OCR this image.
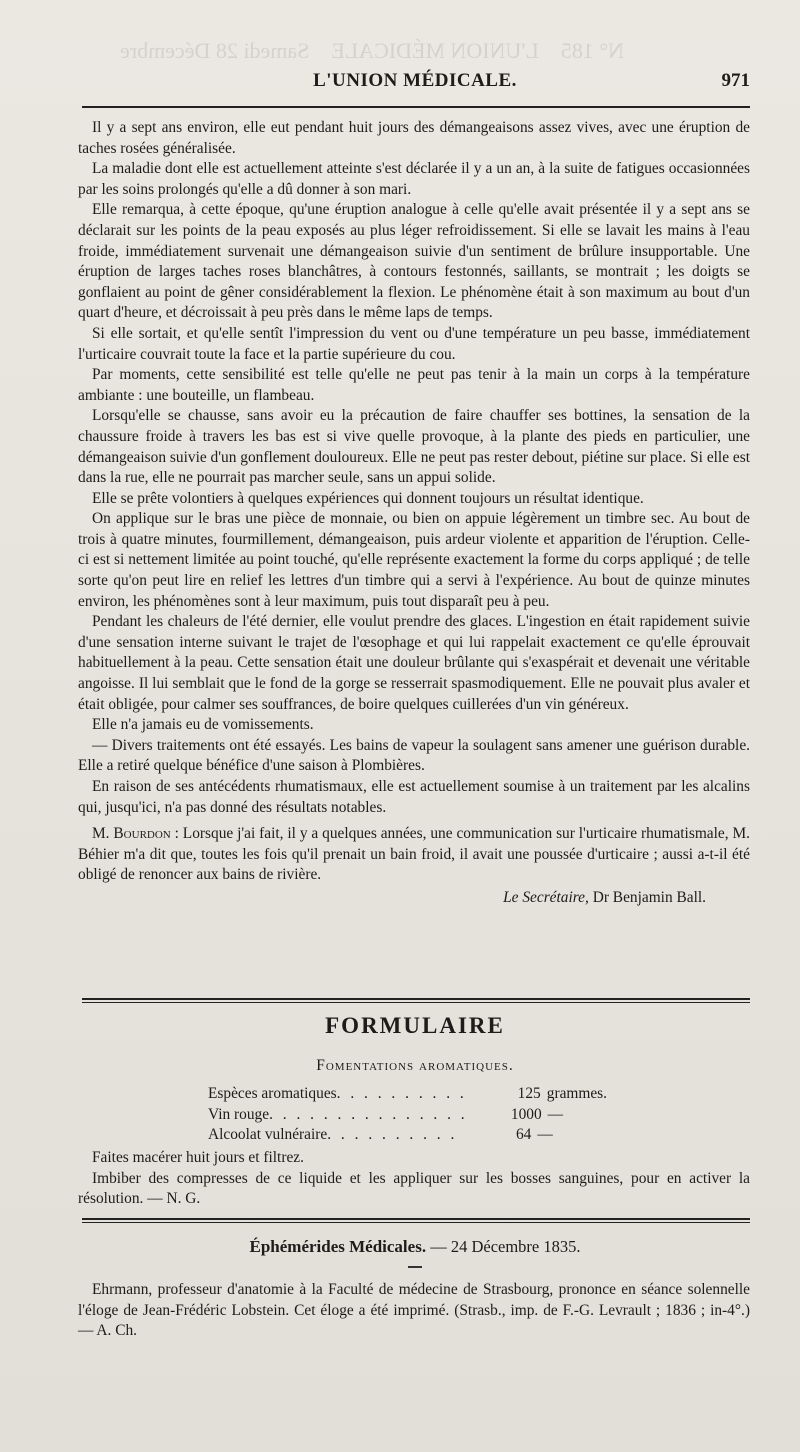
N° 185    L'UNION MÉDICALE    Samedi 28 Décembre
L'UNION MÉDICALE.	971

Il y a sept ans environ, elle eut pendant huit jours des démangeaisons assez vives, avec une éruption de taches rosées généralisée.

La maladie dont elle est actuellement atteinte s'est déclarée il y a un an, à la suite de fatigues occasionnées par les soins prolongés qu'elle a dû donner à son mari.

Elle remarqua, à cette époque, qu'une éruption analogue à celle qu'elle avait présentée il y a sept ans se déclarait sur les points de la peau exposés au plus léger refroidissement. Si elle se lavait les mains à l'eau froide, immédiatement survenait une démangeaison suivie d'un sentiment de brûlure insupportable. Une éruption de larges taches roses blanchâtres, à contours festonnés, saillants, se montrait ; les doigts se gonflaient au point de gêner considérablement la flexion. Le phénomène était à son maximum au bout d'un quart d'heure, et décroissait à peu près dans le même laps de temps.

Si elle sortait, et qu'elle sentît l'impression du vent ou d'une température un peu basse, immédiatement l'urticaire couvrait toute la face et la partie supérieure du cou.

Par moments, cette sensibilité est telle qu'elle ne peut pas tenir à la main un corps à la température ambiante : une bouteille, un flambeau.

Lorsqu'elle se chausse, sans avoir eu la précaution de faire chauffer ses bottines, la sensation de la chaussure froide à travers les bas est si vive quelle provoque, à la plante des pieds en particulier, une démangeaison suivie d'un gonflement douloureux. Elle ne peut pas rester debout, piétine sur place. Si elle est dans la rue, elle ne pourrait pas marcher seule, sans un appui solide.

Elle se prête volontiers à quelques expériences qui donnent toujours un résultat identique.

On applique sur le bras une pièce de monnaie, ou bien on appuie légèrement un timbre sec. Au bout de trois à quatre minutes, fourmillement, démangeaison, puis ardeur violente et apparition de l'éruption. Celle-ci est si nettement limitée au point touché, qu'elle représente exactement la forme du corps appliqué ; de telle sorte qu'on peut lire en relief les lettres d'un timbre qui a servi à l'expérience. Au bout de quinze minutes environ, les phénomènes sont à leur maximum, puis tout disparaît peu à peu.

Pendant les chaleurs de l'été dernier, elle voulut prendre des glaces. L'ingestion en était rapidement suivie d'une sensation interne suivant le trajet de l'œsophage et qui lui rappelait exactement ce qu'elle éprouvait habituellement à la peau. Cette sensation était une douleur brûlante qui s'exaspérait et devenait une véritable angoisse. Il lui semblait que le fond de la gorge se resserrait spasmodiquement. Elle ne pouvait plus avaler et était obligée, pour calmer ses souffrances, de boire quelques cuillerées d'un vin généreux.

Elle n'a jamais eu de vomissements.

— Divers traitements ont été essayés. Les bains de vapeur la soulagent sans amener une guérison durable. Elle a retiré quelque bénéfice d'une saison à Plombières.

En raison de ses antécédents rhumatismaux, elle est actuellement soumise à un traitement par les alcalins qui, jusqu'ici, n'a pas donné des résultats notables.

M. Bourdon : Lorsque j'ai fait, il y a quelques années, une communication sur l'urticaire rhumatismale, M. Béhier m'a dit que, toutes les fois qu'il prenait un bain froid, il avait une poussée d'urticaire ; aussi a-t-il été obligé de renoncer aux bains de rivière.

Le Secrétaire, Dr Benjamin Ball.
FORMULAIRE
Fomentations aromatiques.
Espèces aromatiques . . . . . . . . . .	125 grammes.
Vin rouge . . . . . . . . . . . . . . .	1000 —
Alcoolat vulnéraire . . . . . . . . . .	64 —

Faites macérer huit jours et filtrez.

Imbiber des compresses de ce liquide et les appliquer sur les bosses sanguines, pour en activer la résolution. — N. G.

Éphémérides Médicales. — 24 Décembre 1835.

Ehrmann, professeur d'anatomie à la Faculté de médecine de Strasbourg, prononce en séance solennelle l'éloge de Jean-Frédéric Lobstein. Cet éloge a été imprimé. (Strasb., imp. de F.-G. Levrault ; 1836 ; in-4°.) — A. Ch.
